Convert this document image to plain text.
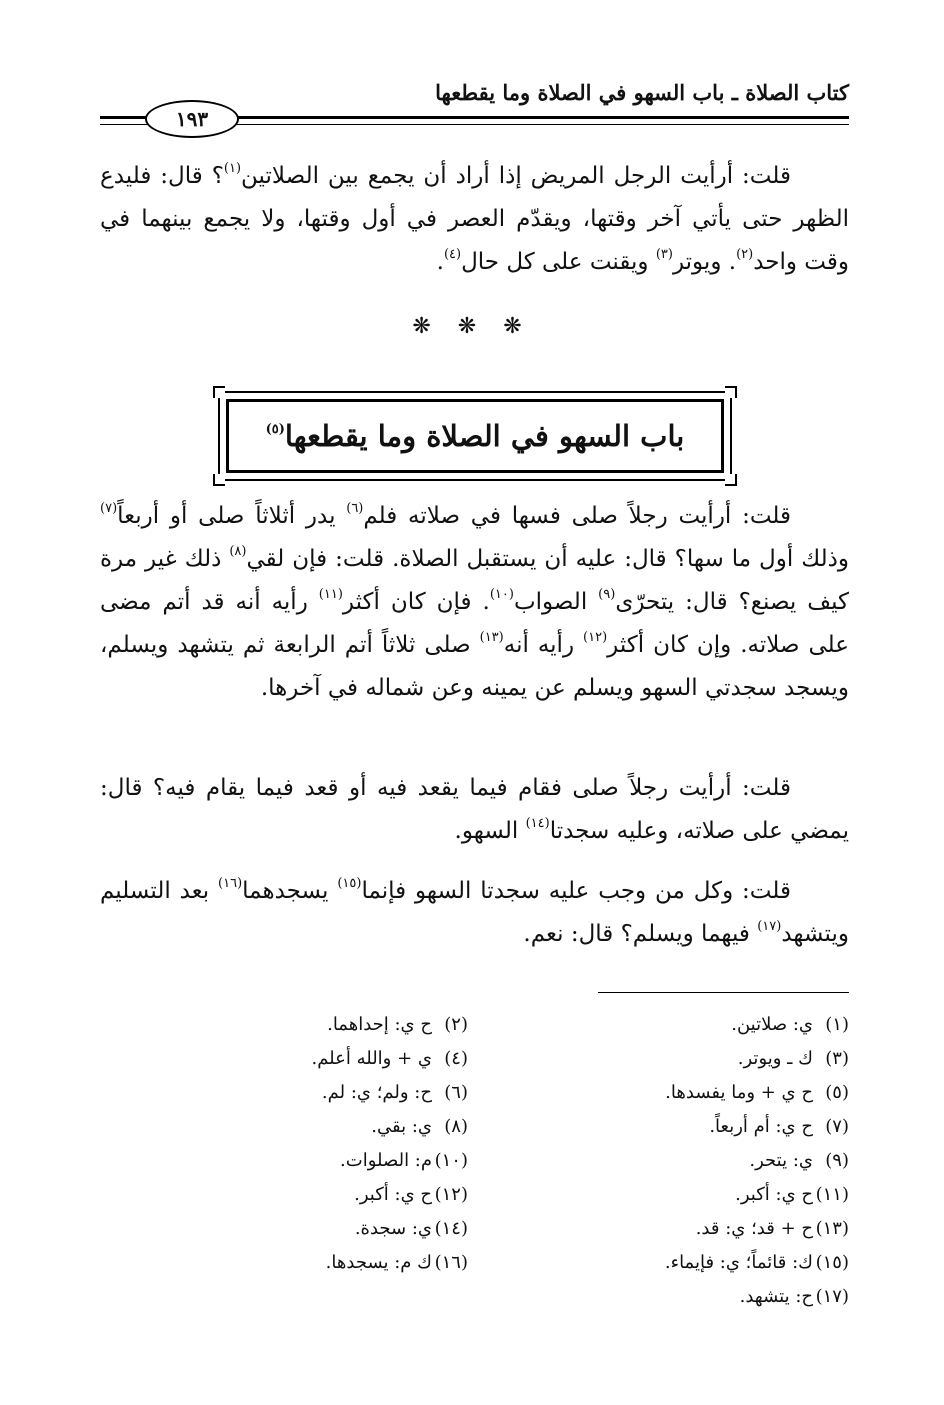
كتاب الصلاة ـ باب السهو في الصلاة وما يقطعها
١٩٣
قلت: أرأيت الرجل المريض إذا أراد أن يجمع بين الصلاتين$^{(١)}$؟ قال: فليدع الظهر حتى يأتي آخر وقتها، ويقدّم العصر في أول وقتها، ولا يجمع بينهما في وقت واحد$^{(٢)}$. ويوتر$^{(٣)}$ ويقنت على كل حال$^{(٤)}$.
❋ ❋ ❋
باب السهو في الصلاة وما يقطعها$^{(٥)}$
قلت: أرأيت رجلاً صلى فسها في صلاته فلم$^{(٦)}$ يدر أثلاثاً صلى أو أربعاً$^{(٧)}$ وذلك أول ما سها؟ قال: عليه أن يستقبل الصلاة. قلت: فإن لقي$^{(٨)}$ ذلك غير مرة كيف يصنع؟ قال: يتحرّى$^{(٩)}$ الصواب$^{(١٠)}$. فإن كان أكثر$^{(١١)}$ رأيه أنه قد أتم مضى على صلاته. وإن كان أكثر$^{(١٢)}$ رأيه أنه$^{(١٣)}$ صلى ثلاثاً أتم الرابعة ثم يتشهد ويسلم، ويسجد سجدتي السهو ويسلم عن يمينه وعن شماله في آخرها.
قلت: أرأيت رجلاً صلى فقام فيما يقعد فيه أو قعد فيما يقام فيه؟ قال: يمضي على صلاته، وعليه سجدتا$^{(١٤)}$ السهو.
قلت: وكل من وجب عليه سجدتا السهو فإنما$^{(١٥)}$ يسجدهما$^{(١٦)}$ بعد التسليم ويتشهد$^{(١٧)}$ فيهما ويسلم؟ قال: نعم.
(١)ي: صلاتين.
(٣)ك ـ ويوتر.
(٥)ح ي + وما يفسدها.
(٧)ح ي: أم أربعاً.
(٩)ي: يتحر.
(١١)ح ي: أكبر.
(١٣)ح + قد؛ ي: قد.
(١٥)ك: قائماً؛ ي: فإيماء.
(١٧)ح: يتشهد.
(٢)ح ي: إحداهما.
(٤)ي + والله أعلم.
(٦)ح: ولم؛ ي: لم.
(٨)ي: بقي.
(١٠)م: الصلوات.
(١٢)ح ي: أكبر.
(١٤)ي: سجدة.
(١٦)ك م: يسجدها.
